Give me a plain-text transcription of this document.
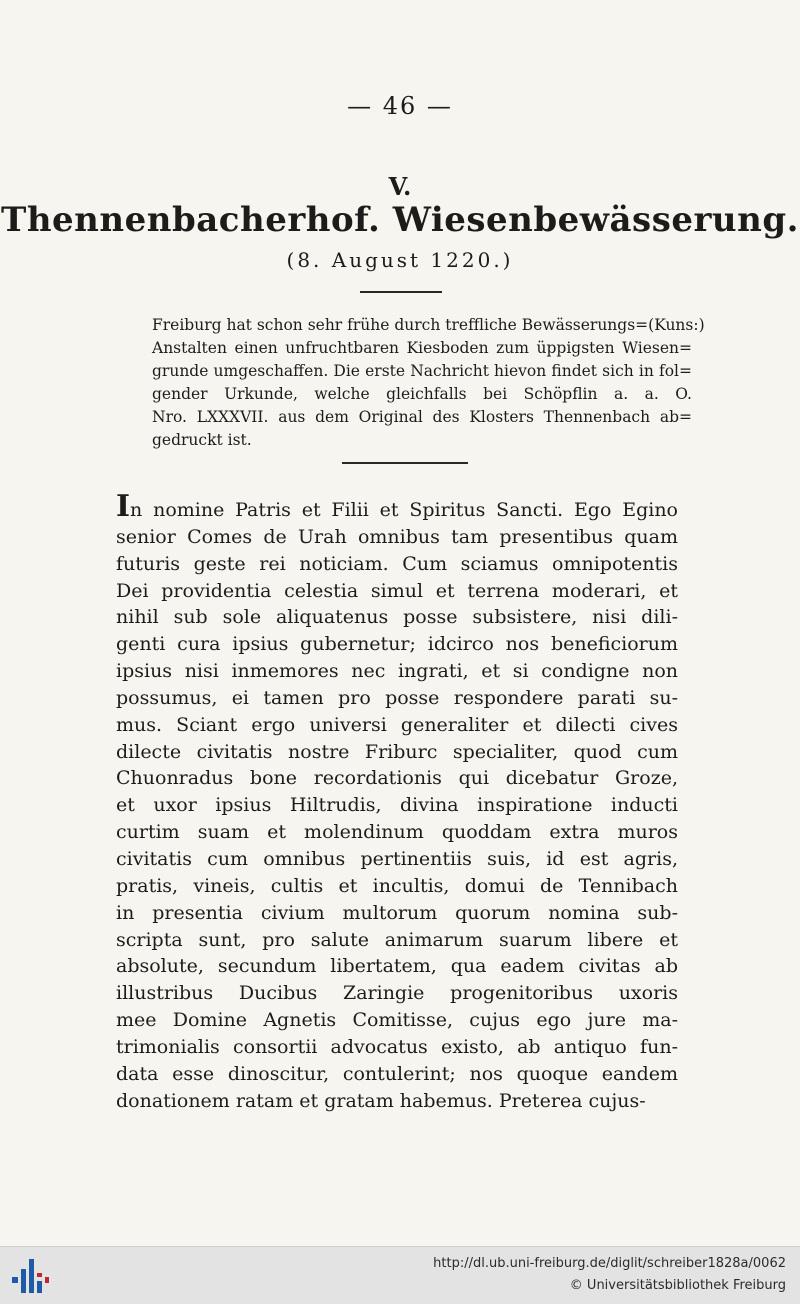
— 46 —
V.
Thennenbacherhof. Wiesenbewässerung.
(8. August 1220.)
Freiburg hat schon sehr frühe durch treffliche Bewässerungs=(Kuns:)
Anstalten einen unfruchtbaren Kiesboden zum üppigsten Wiesen=
grunde umgeschaffen. Die erste Nachricht hievon findet sich in fol=
gender Urkunde, welche gleichfalls bei Schöpflin a. a. O.
Nro. LXXXVII. aus dem Original des Klosters Thennenbach ab=
gedruckt ist.
In nomine Patris et Filii et Spiritus Sancti. Ego Egino
senior Comes de Urah omnibus tam presentibus quam
futuris geste rei noticiam. Cum sciamus omnipotentis
Dei providentia celestia simul et terrena moderari, et
nihil sub sole aliquatenus posse subsistere, nisi dili-
genti cura ipsius gubernetur; idcirco nos beneficiorum
ipsius nisi inmemores nec ingrati, et si condigne non
possumus, ei tamen pro posse respondere parati su-
mus. Sciant ergo universi generaliter et dilecti cives
dilecte civitatis nostre Friburc specialiter, quod cum
Chuonradus bone recordationis qui dicebatur Groze,
et uxor ipsius Hiltrudis, divina inspiratione inducti
curtim suam et molendinum quoddam extra muros
civitatis cum omnibus pertinentiis suis, id est agris,
pratis, vineis, cultis et incultis, domui de Tennibach
in presentia civium multorum quorum nomina sub-
scripta sunt, pro salute animarum suarum libere et
absolute, secundum libertatem, qua eadem civitas ab
illustribus Ducibus Zaringie progenitoribus uxoris
mee Domine Agnetis Comitisse, cujus ego jure ma-
trimonialis consortii advocatus existo, ab antiquo fun-
data esse dinoscitur, contulerint; nos quoque eandem
donationem ratam et gratam habemus. Preterea cujus-
http://dl.ub.uni-freiburg.de/diglit/schreiber1828a/0062
© Universitätsbibliothek Freiburg
